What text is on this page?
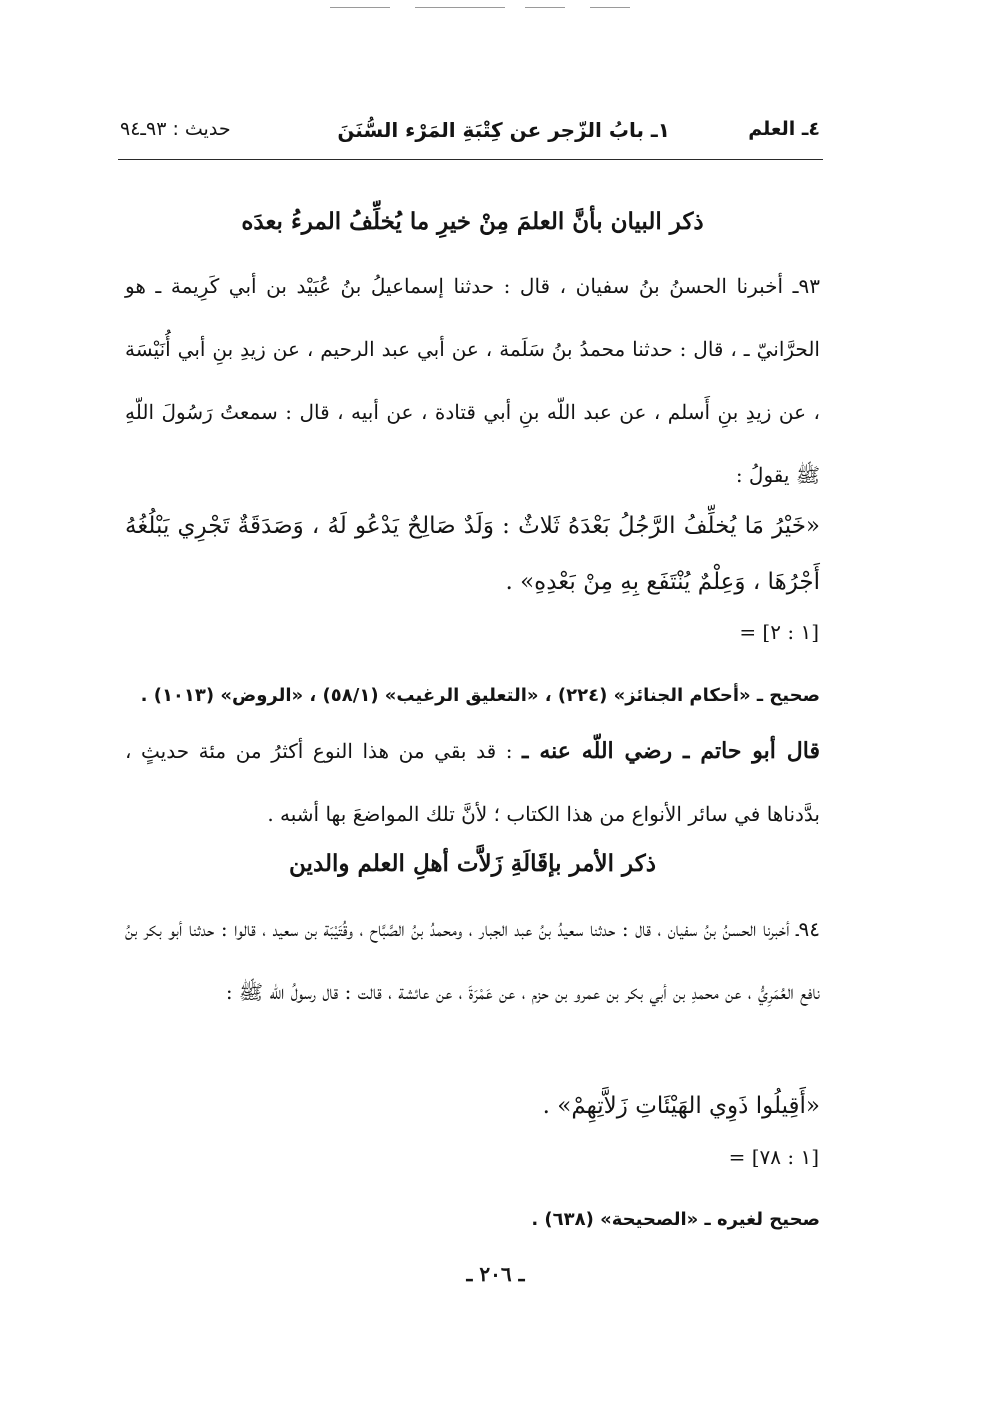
٤ـ العلم
١ـ بابُ الزّجر عن كِتْبَةِ المَرْء السُّنَنَ
حديث : ٩٣ـ٩٤

ذكر البيان بأنَّ العلمَ مِنْ خيرِ ما يُخلِّفُ المرءُ بعدَه

٩٣ـ أخبرنا الحسنُ بنُ سفيان ، قال : حدثنا إسماعيلُ بنُ عُبَيْد بن أبي كَرِيمة ـ هو الحرَّانيّ ـ ، قال : حدثنا محمدُ بنُ سَلَمة ، عن أبي عبد الرحيم ، عن زيدِ بنِ أبي أُنَيْسَة ، عن زيدِ بنِ أَسلم ، عن عبد اللّه بنِ أبي قتادة ، عن أبيه ، قال : سمعتُ رَسُولَ اللّهِ ﷺ يقولُ :

«خَيْرُ مَا يُخلِّفُ الرَّجُلُ بَعْدَهُ ثَلاثٌ : وَلَدٌ صَالِحٌ يَدْعُو لَهُ ، وَصَدَقَةٌ تَجْرِي يَبْلُغُهُ أَجْرُهَا ، وَعِلْمٌ يُنْتَفَع بِهِ مِنْ بَعْدِهِ» .

= [١ : ٢]

صحيح ـ «أحكام الجنائز» (٢٢٤) ، «التعليق الرغيب» (٥٨/١) ، «الروض» (١٠١٣) .

قال أبو حاتم ـ رضي اللّه عنه ـ : قد بقي من هذا النوع أكثرُ من مئة حديثٍ ، بدَّدناها في سائر الأنواع من هذا الكتاب ؛ لأنَّ تلك المواضعَ بها أشبه .

ذكر الأمر بإقَالَةِ زَلاَّت أهلِ العلم والدين

٩٤ـ أخبرنا الحسنُ بنُ سفيان ، قال : حدثنا سعيدُ بنُ عبد الجبار ، ومحمدُ بنُ الصَّبَّاح ، وقُتَيْبَة بن سعيد ، قالوا : حدثنا أبو بكر بنُ نافع العُمَرِيُّ ، عن محمدِ بن أبي بكر بن عمرو بن حزم ، عن عَمْرَةَ ، عن عائشة ، قالت : قال رسولُ اللّه ﷺ :

«أَقِيلُوا ذَوِي الهَيْئَاتِ زَلاَّتِهِمْ» .

= [١ : ٧٨]

صحيح لغيره ـ «الصحيحة» (٦٣٨) .

ـ ٢٠٦ ـ
